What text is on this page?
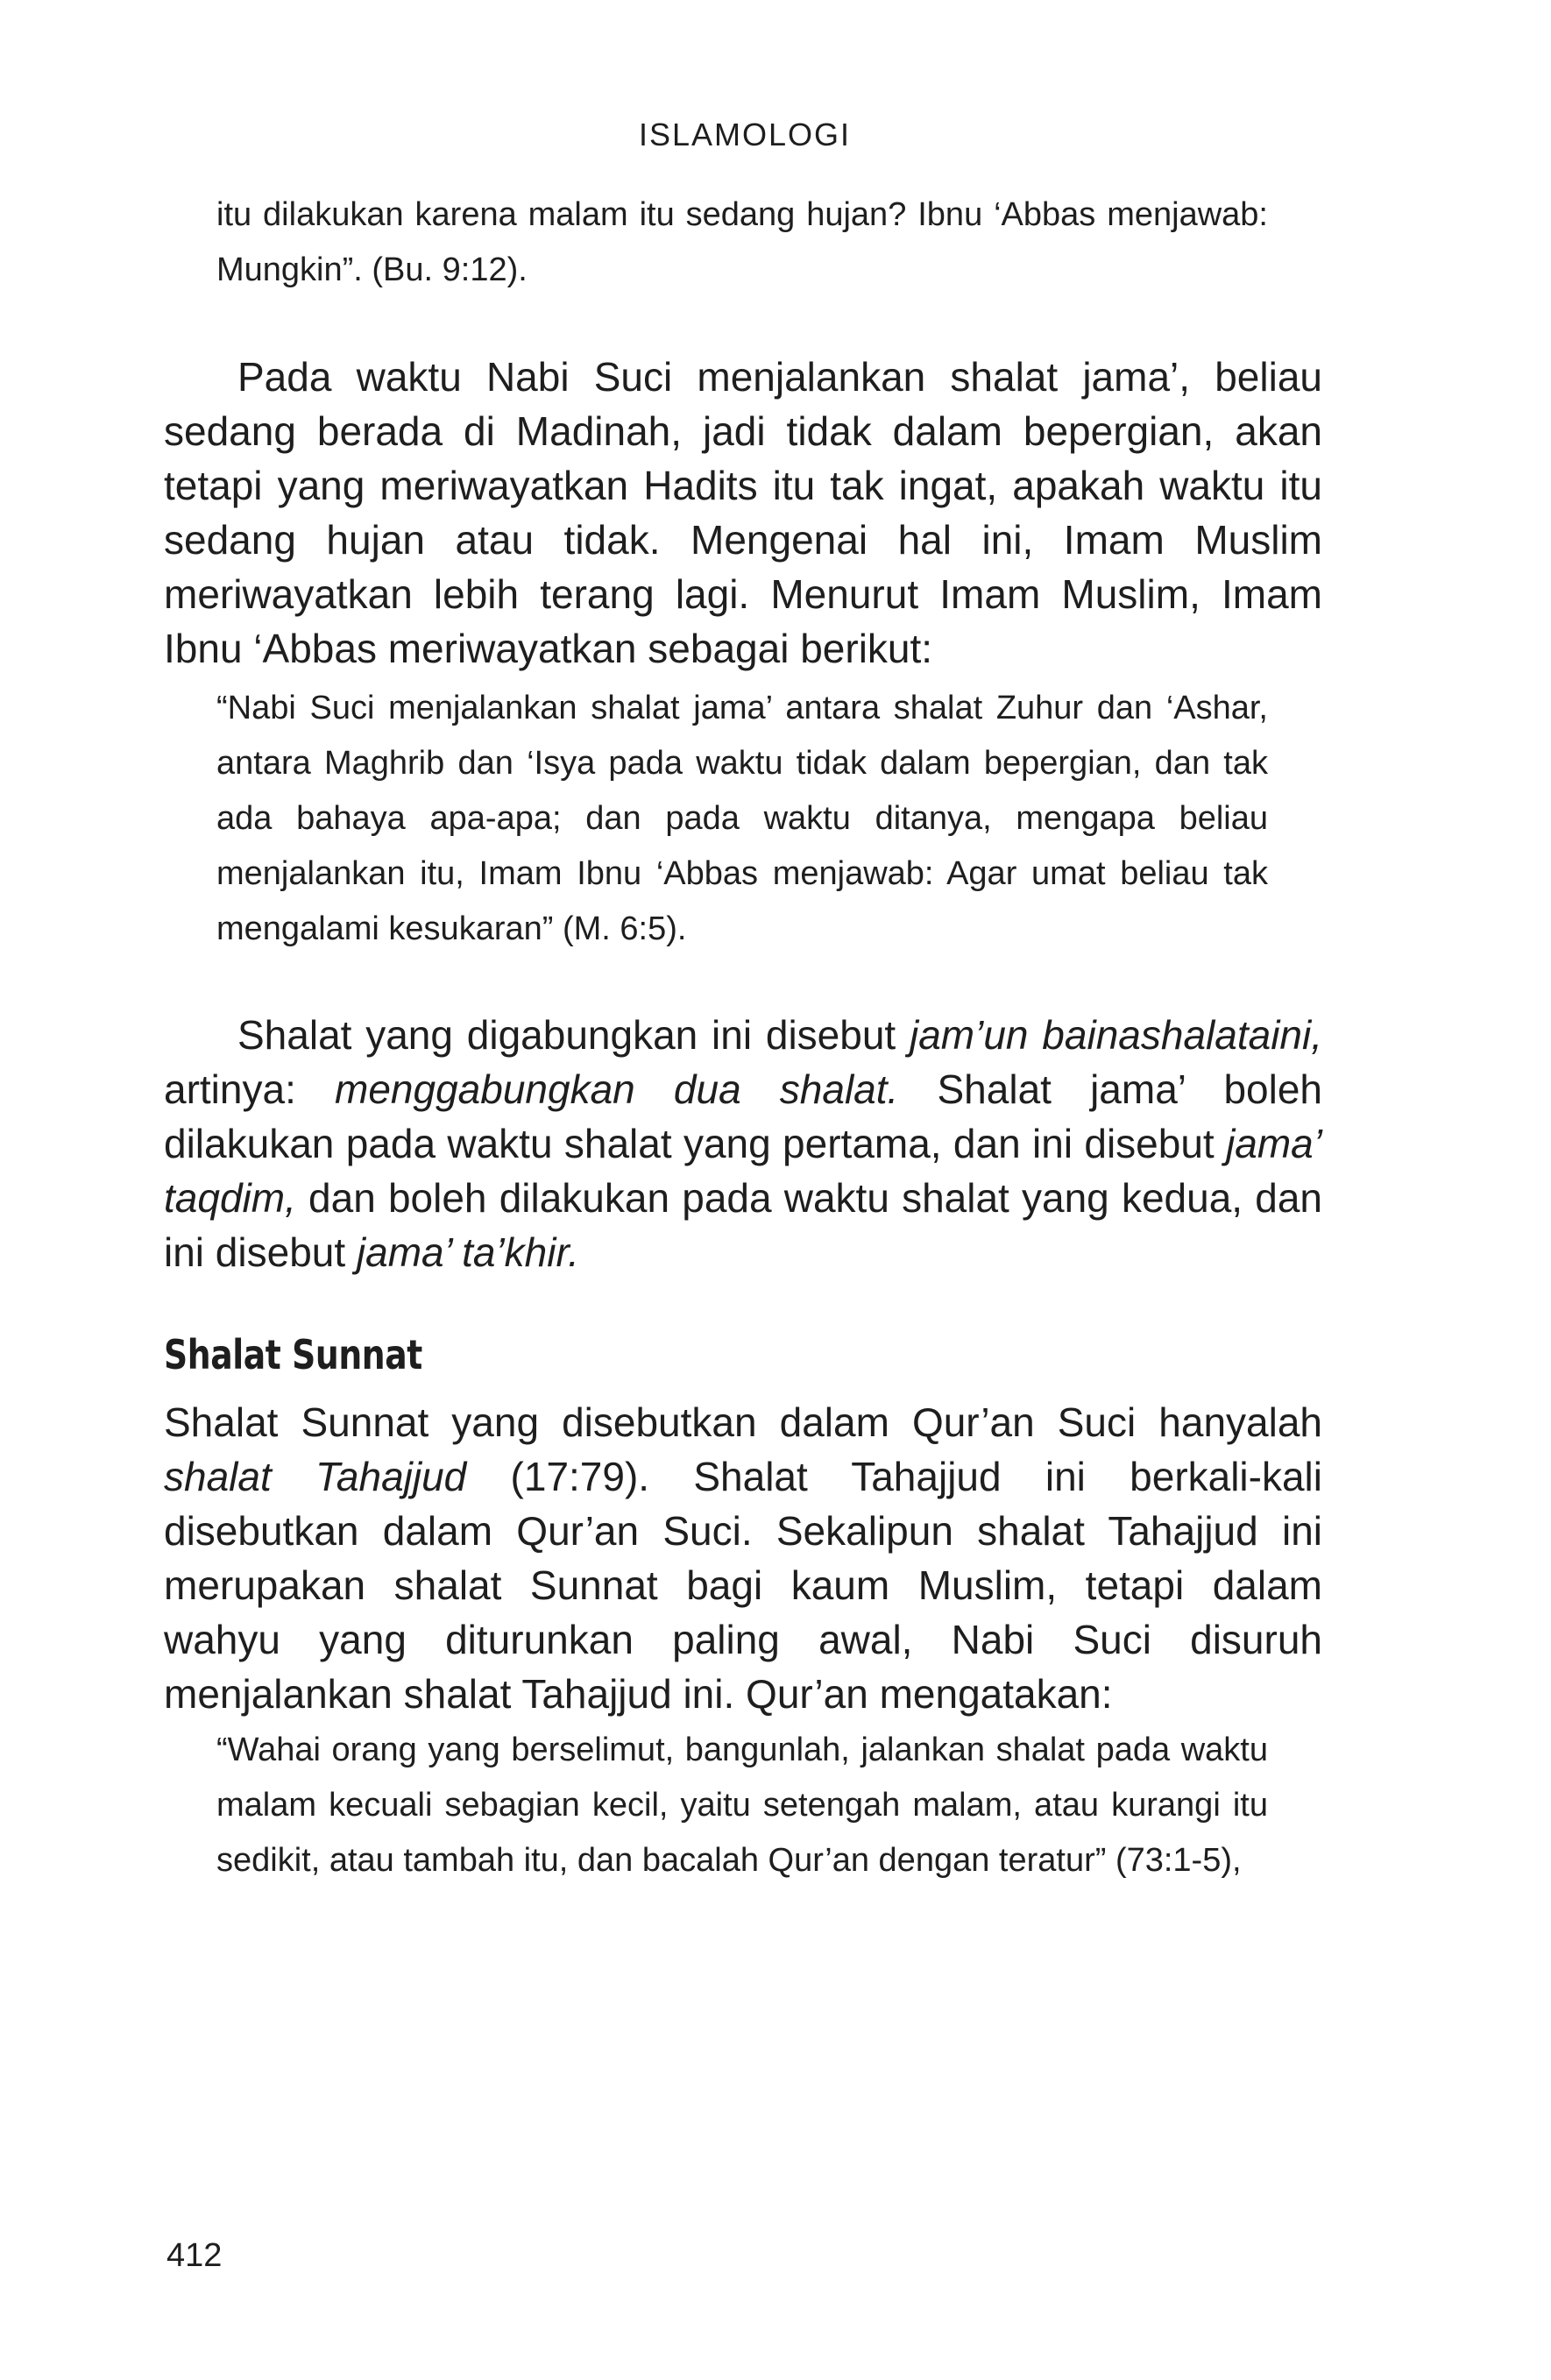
ISLAMOLOGI

itu dilakukan karena malam itu sedang hujan? Ibnu ‘Abbas menjawab: Mungkin”. (Bu. 9:12).

Pada waktu Nabi Suci menjalankan shalat jama’, beliau sedang berada di Madinah, jadi tidak dalam bepergian, akan tetapi yang meriwayatkan Hadits itu tak ingat, apakah waktu itu sedang hujan atau tidak. Mengenai hal ini, Imam Muslim meriwayatkan lebih terang lagi. Menurut Imam Muslim, Imam Ibnu ‘Abbas meriwayatkan sebagai berikut:

“Nabi Suci menjalankan shalat jama’ antara shalat Zuhur dan ‘Ashar, antara Maghrib dan ‘Isya pada waktu tidak dalam bepergian, dan tak ada bahaya apa-apa; dan pada waktu ditanya, mengapa beliau menjalankan itu, Imam Ibnu ‘Abbas menjawab: Agar umat beliau tak mengalami kesukaran” (M. 6:5).

Shalat yang digabungkan ini disebut jam’un bainashalataini, artinya: menggabungkan dua shalat. Shalat jama’ boleh dilakukan pada waktu shalat yang pertama, dan ini disebut jama’ taqdim, dan boleh dilakukan pada waktu shalat yang kedua, dan ini disebut jama’ ta’khir.

Shalat Sunnat

Shalat Sunnat yang disebutkan dalam Qur’an Suci hanyalah shalat Tahajjud (17:79). Shalat Tahajjud ini berkali-kali disebutkan dalam Qur’an Suci. Sekalipun shalat Tahajjud ini merupakan shalat Sunnat bagi kaum Muslim, tetapi dalam wahyu yang diturunkan paling awal, Nabi Suci disuruh menjalankan shalat Tahajjud ini. Qur’an mengatakan:

“Wahai orang yang berselimut, bangunlah, jalankan shalat pada waktu malam kecuali sebagian kecil, yaitu setengah malam, atau kurangi itu sedikit, atau tambah itu, dan bacalah Qur’an dengan teratur” (73:1-5),

412
